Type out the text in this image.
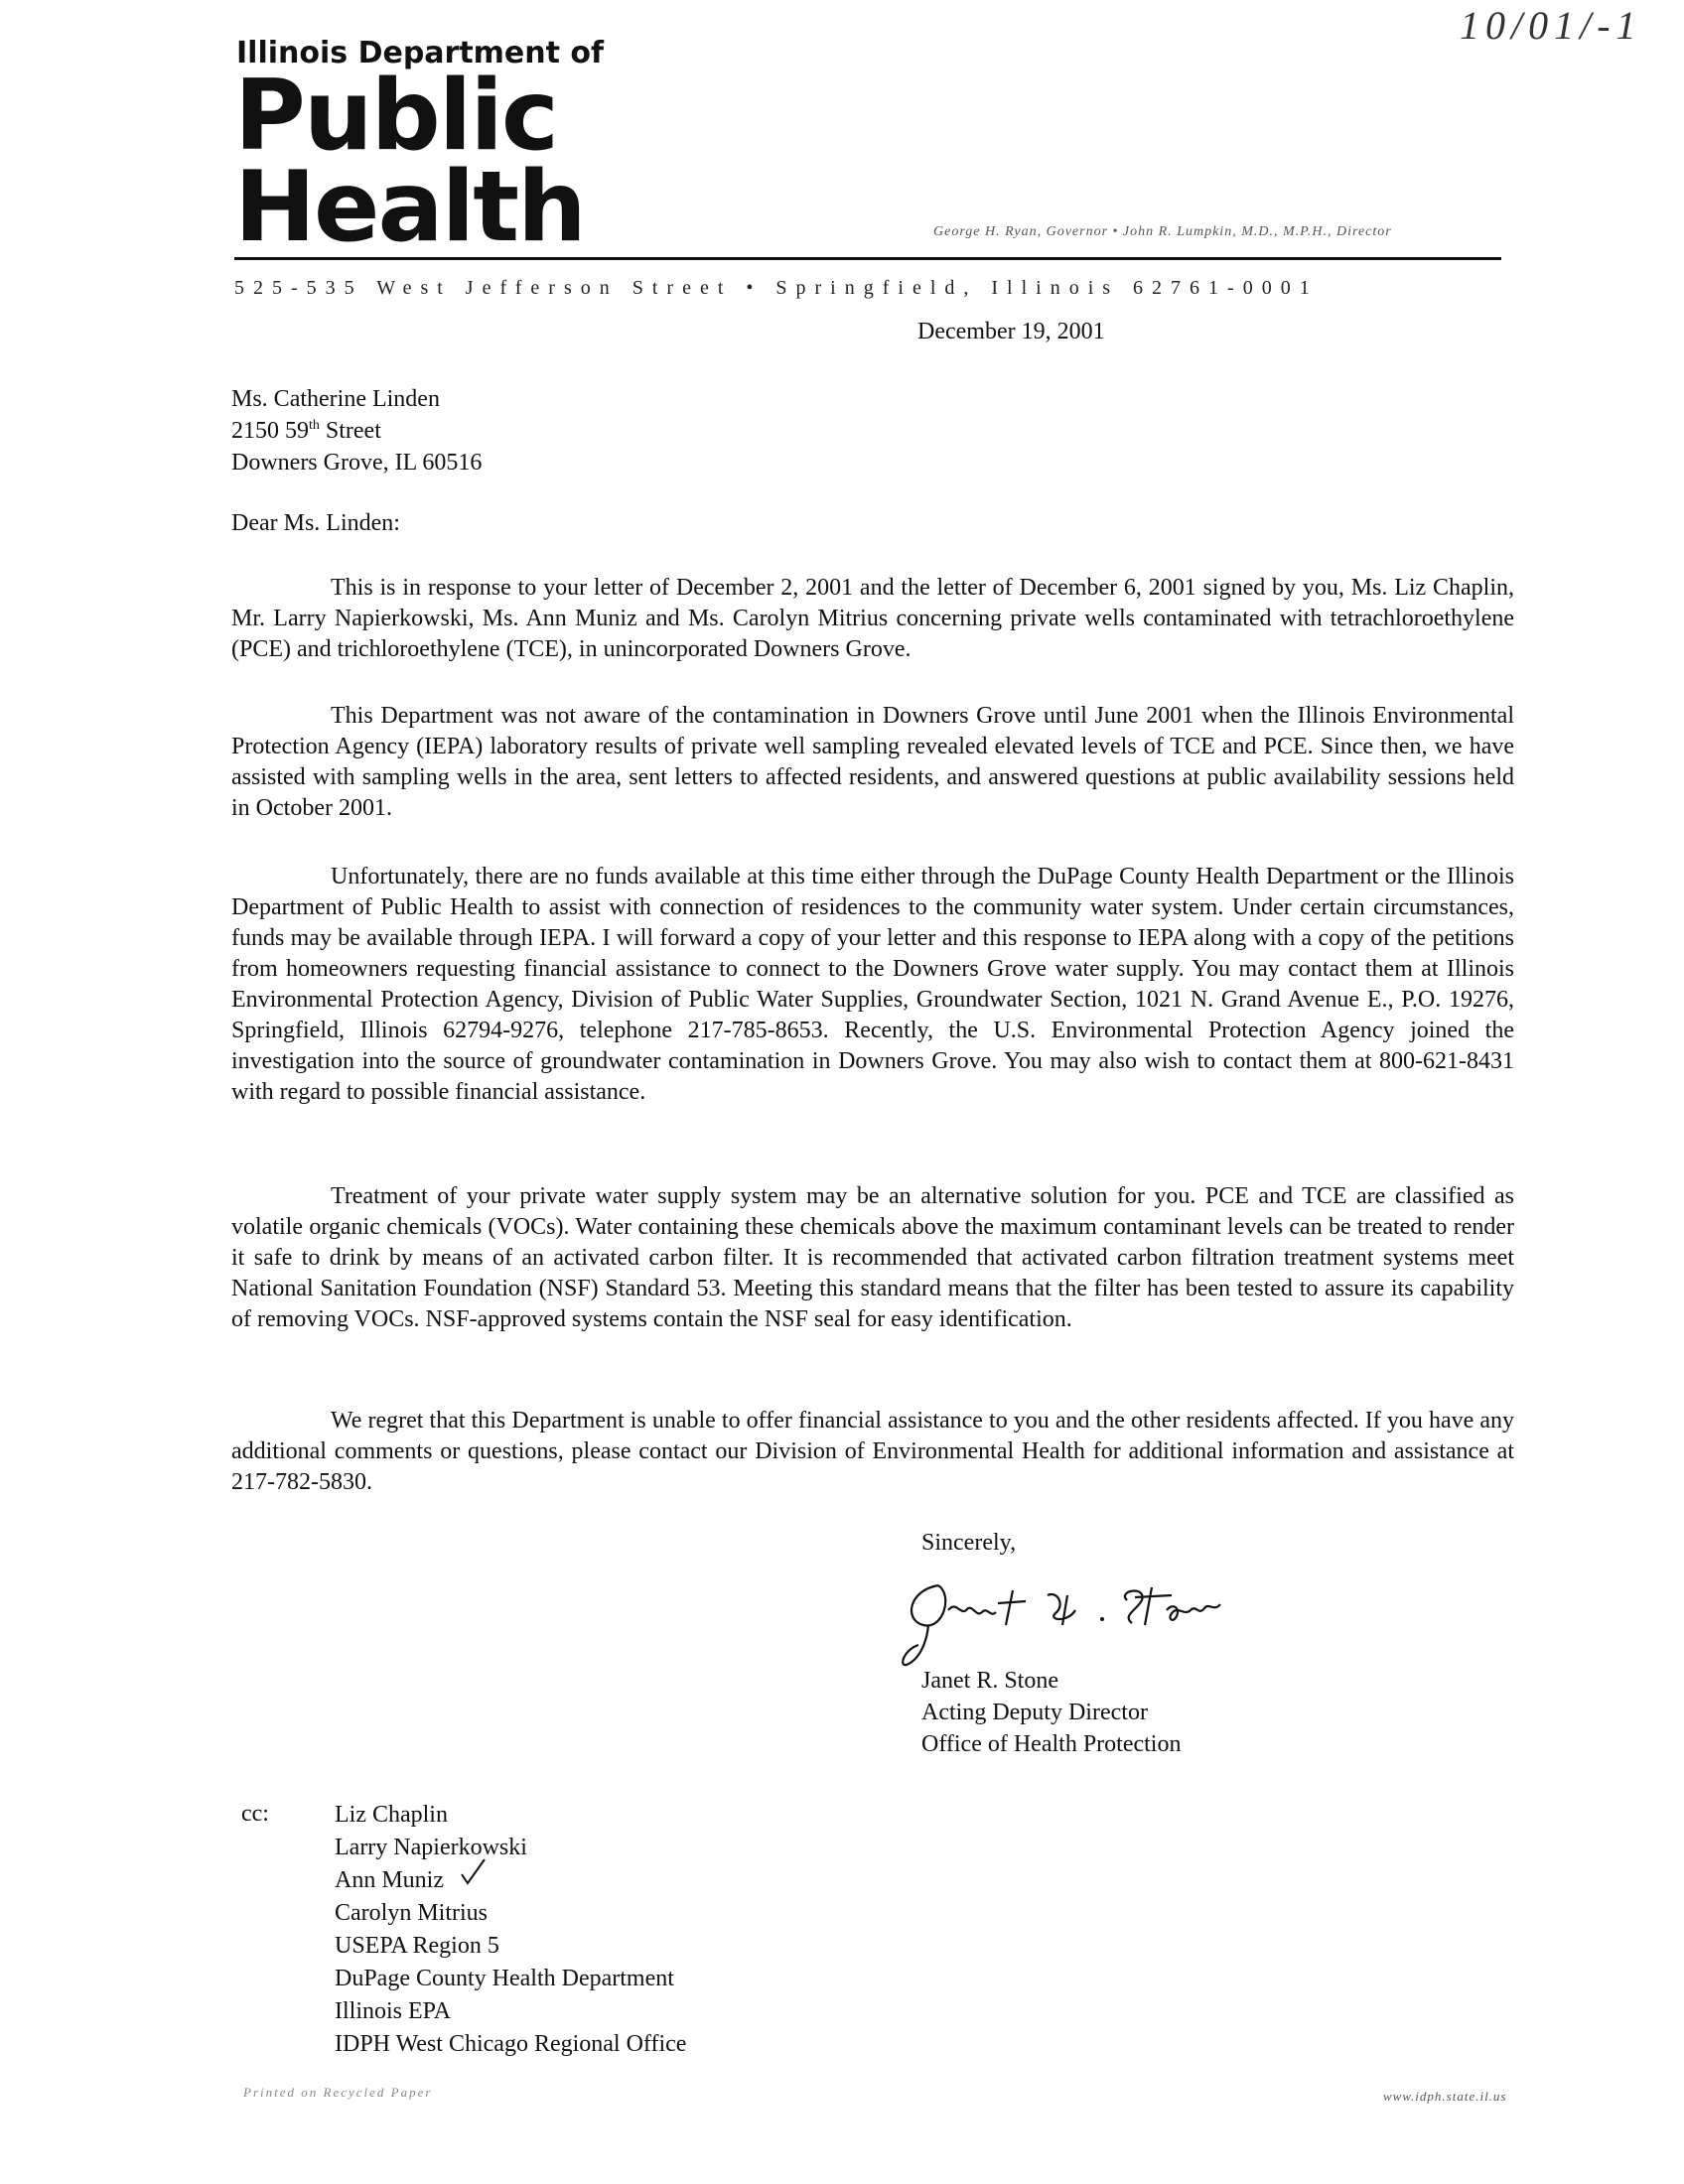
10/01/-1
Illinois Department of
Public
Health	George H. Ryan, Governor • John R. Lumpkin, M.D., M.P.H., Director
525-535 West Jefferson Street • Springfield, Illinois 62761-0001
December 19, 2001
Ms. Catherine Linden
2150 59th Street
Downers Grove, IL 60516
Dear Ms. Linden:
This is in response to your letter of December 2, 2001 and the letter of December 6, 2001 signed by you, Ms. Liz Chaplin, Mr. Larry Napierkowski, Ms. Ann Muniz and Ms. Carolyn Mitrius concerning private wells contaminated with tetrachloroethylene (PCE) and trichloroethylene (TCE), in unincorporated Downers Grove.
This Department was not aware of the contamination in Downers Grove until June 2001 when the Illinois Environmental Protection Agency (IEPA) laboratory results of private well sampling revealed elevated levels of TCE and PCE. Since then, we have assisted with sampling wells in the area, sent letters to affected residents, and answered questions at public availability sessions held in October 2001.
Unfortunately, there are no funds available at this time either through the DuPage County Health Department or the Illinois Department of Public Health to assist with connection of residences to the community water system. Under certain circumstances, funds may be available through IEPA. I will forward a copy of your letter and this response to IEPA along with a copy of the petitions from homeowners requesting financial assistance to connect to the Downers Grove water supply. You may contact them at Illinois Environmental Protection Agency, Division of Public Water Supplies, Groundwater Section, 1021 N. Grand Avenue E., P.O. 19276, Springfield, Illinois 62794-9276, telephone 217-785-8653. Recently, the U.S. Environmental Protection Agency joined the investigation into the source of groundwater contamination in Downers Grove. You may also wish to contact them at 800-621-8431 with regard to possible financial assistance.
Treatment of your private water supply system may be an alternative solution for you. PCE and TCE are classified as volatile organic chemicals (VOCs). Water containing these chemicals above the maximum contaminant levels can be treated to render it safe to drink by means of an activated carbon filter. It is recommended that activated carbon filtration treatment systems meet National Sanitation Foundation (NSF) Standard 53. Meeting this standard means that the filter has been tested to assure its capability of removing VOCs. NSF-approved systems contain the NSF seal for easy identification.
We regret that this Department is unable to offer financial assistance to you and the other residents affected. If you have any additional comments or questions, please contact our Division of Environmental Health for additional information and assistance at 217-782-5830.
Sincerely,
Janet R. Stone
Acting Deputy Director
Office of Health Protection
cc:	Liz Chaplin
Larry Napierkowski
Ann Muniz
Carolyn Mitrius
USEPA Region 5
DuPage County Health Department
Illinois EPA
IDPH West Chicago Regional Office
Printed on Recycled Paper	www.idph.state.il.us
